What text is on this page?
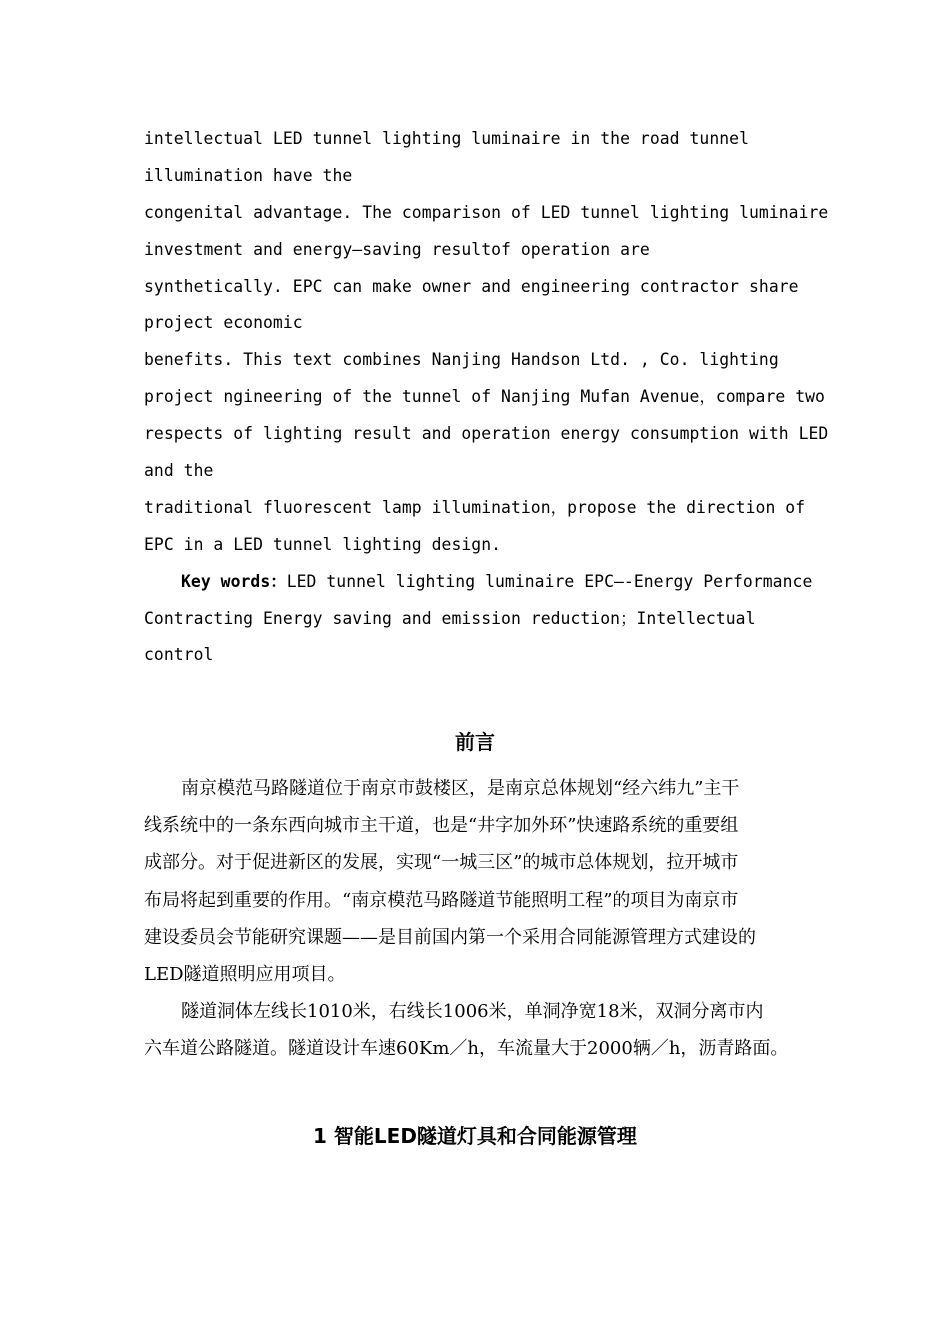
intellectual LED tunnel lighting luminaire in the road tunnel
illumination have the
congenital advantage. The comparison of LED tunnel lighting luminaire
investment and energy—saving resultof operation are
synthetically. EPC can make owner and engineering contractor share
project economic
benefits. This text combines Nanjing Handson Ltd. , Co. lighting
project ngineering of the tunnel of Nanjing Mufan Avenue，compare two
respects of lighting result and operation energy consumption with LED
and the
traditional fluorescent lamp illumination，propose the direction of
EPC in a LED tunnel lighting design.
Key words：LED tunnel lighting luminaire EPC—-Energy Performance
Contracting Energy saving and emission reduction；Intellectual
control
前言
南京模范马路隧道位于南京市鼓楼区，是南京总体规划“经六纬九”主干
线系统中的一条东西向城市主干道，也是“井字加外环”快速路系统的重要组
成部分。对于促进新区的发展，实现“一城三区”的城市总体规划，拉开城市
布局将起到重要的作用。“南京模范马路隧道节能照明工程”的项目为南京市
建设委员会节能研究课题——是目前国内第一个采用合同能源管理方式建设的
LED隧道照明应用项目。
隧道洞体左线长1010米，右线长1006米，单洞净宽18米，双洞分离市内
六车道公路隧道。隧道设计车速60Km／h，车流量大于2000辆／h，沥青路面。
1 智能LED隧道灯具和合同能源管理
